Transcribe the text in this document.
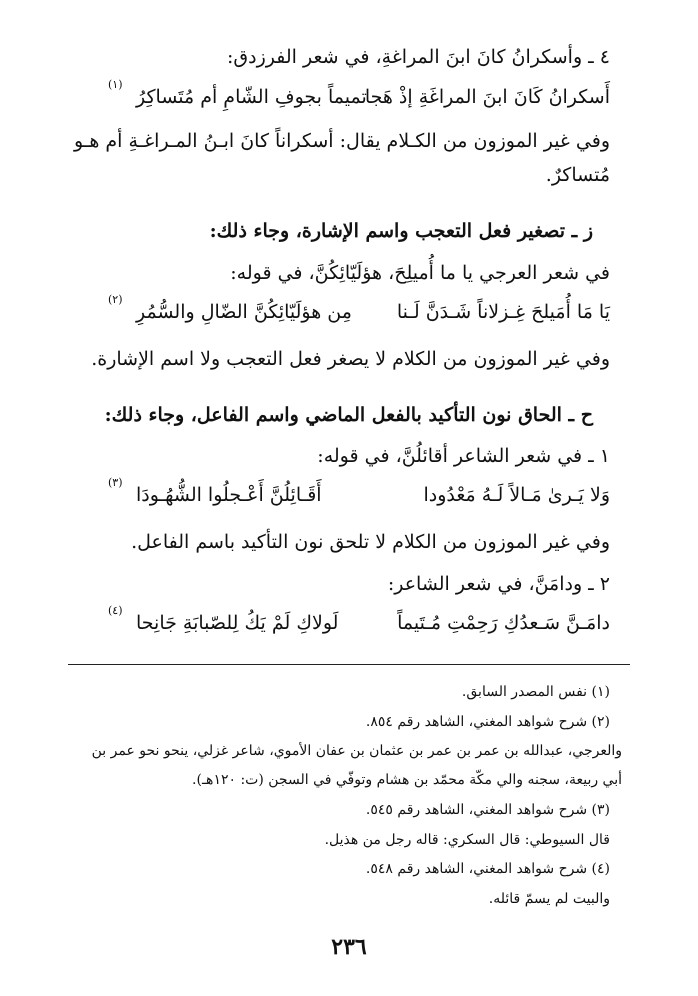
٤ ـ وأسكرانُ كانَ ابنَ المراغةِ، في شعر الفرزدق:
أَسكرانُ كَانَ ابنَ المراغَةِ إذْ هَجا
تميماً بجوفِ الشّامِ أم مُتَساكِرُ
(١)
وفي غير الموزون من الكـلام يقال: أسكراناً كانَ ابـنُ المـراغـةِ أم هـو
مُتساكرٌ.
ز ـ تصغير فعل التعجب واسم الإشارة، وجاء ذلك:
في شعر العرجي يا ما أُميلِحَ، هؤلَيّائِكُنَّ، في قوله:
يَا مَا أُمَيلحَ غِـزلاناً شَـدَنَّ لَـنا
مِن هؤلَيّائِكُنَّ الضّالِ والسُّمُرِ
(٢)
وفي غير الموزون من الكلام لا يصغر فعل التعجب ولا اسم الإشارة.
ح ـ الحاق نون التأكيد بالفعل الماضي واسم الفاعل، وجاء ذلك:
١ ـ في شعر الشاعر أقائلُنَّ، في قوله:
وَلا يَـرىٰ مَـالاً لَـهُ مَعْدُودا
أَقَـائِلُنَّ أَعْـجلُوا الشُّهُـودَا
(٣)
وفي غير الموزون من الكلام لا تلحق نون التأكيد باسم الفاعل.
٢ ـ ودامَنَّ، في شعر الشاعر:
دامَـنَّ سَـعدُكِ رَحِمْتِ مُـتَيماً
لَولاكِ لَمْ يَكُ لِلصّبابَةِ جَانِحا
(٤)
(١) نفس المصدر السابق.
(٢) شرح شواهد المغني، الشاهد رقم ٨٥٤.
والعرجي، عبدالله بن عمر بن عمر بن عثمان بن عفان الأموي، شاعر غزلي، ينحو نحو عمر بن
أبي ربيعة، سجنه والي مكّة محمّد بن هشام وتوفّي في السجن (ت: ١٢٠هـ).
(٣) شرح شواهد المغني، الشاهد رقم ٥٤٥.
قال السيوطي: قال السكري: قاله رجل من هذيل.
(٤) شرح شواهد المغني، الشاهد رقم ٥٤٨.
والبيت لم يسمّ قائله.
٢٣٦
